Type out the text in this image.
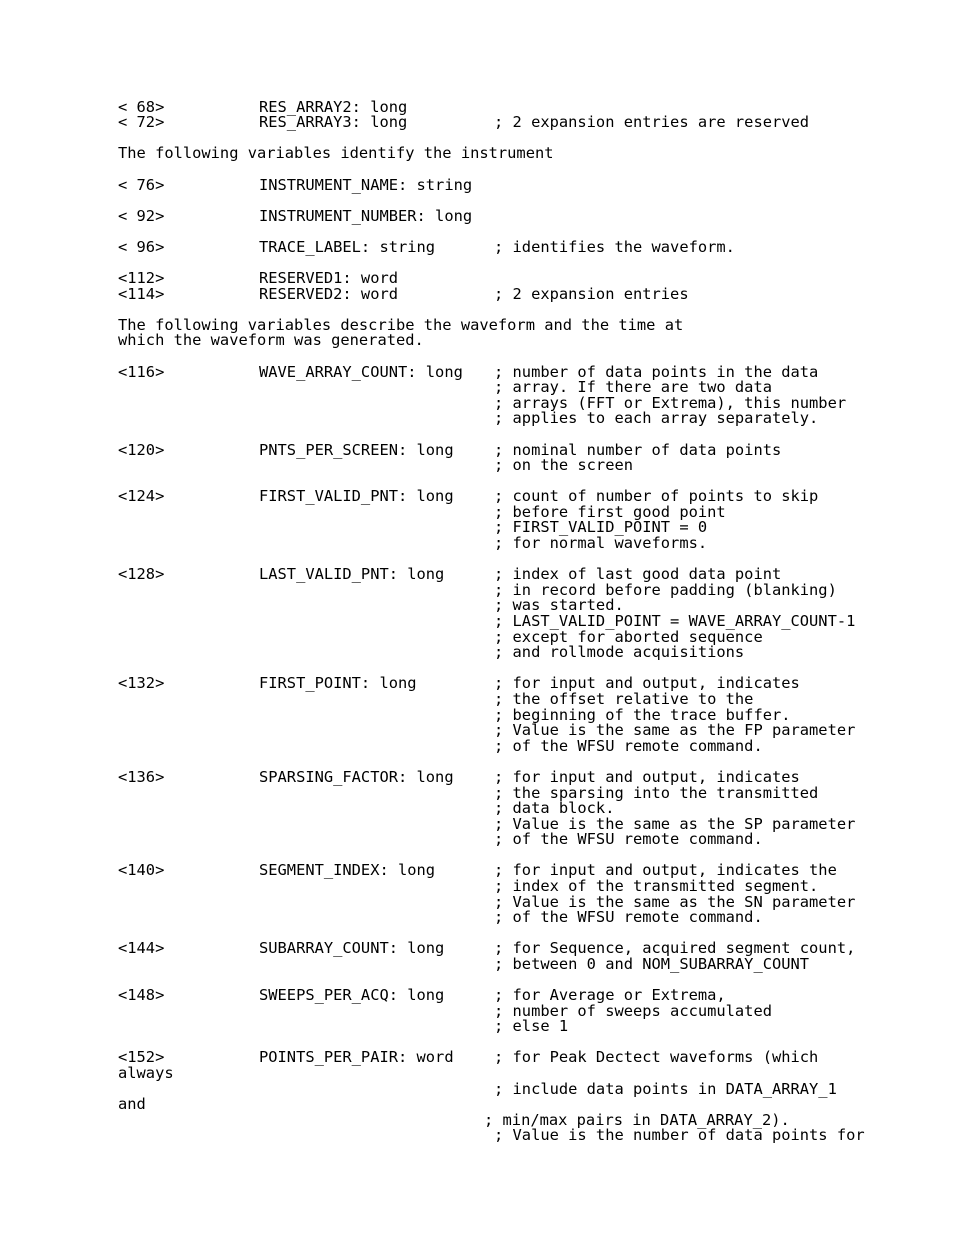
< 68>	RES_ARRAY2: long
< 72>	RES_ARRAY3: long	; 2 expansion entries are reserved
The following variables identify the instrument
< 76>	INSTRUMENT_NAME: string
< 92>	INSTRUMENT_NUMBER: long
< 96>	TRACE_LABEL: string	; identifies the waveform.
<112>	RESERVED1: word
<114>	RESERVED2: word	; 2 expansion entries
The following variables describe the waveform and the time at
which the waveform was generated.
<116>	WAVE_ARRAY_COUNT: long ; number of data points in the data
; array. If there are two data
; arrays (FFT or Extrema), this number
; applies to each array separately.
<120>	PNTS_PER_SCREEN: long	; nominal number of data points
; on the screen
<124>	FIRST_VALID_PNT: long	; count of number of points to skip
; before first good point
; FIRST_VALID_POINT = 0
; for normal waveforms.
<128>	LAST_VALID_PNT: long	; index of last good data point
; in record before padding (blanking)
; was started.
; LAST_VALID_POINT = WAVE_ARRAY_COUNT-1
; except for aborted sequence
; and rollmode acquisitions
<132>	FIRST_POINT: long	; for input and output, indicates
; the offset relative to the
; beginning of the trace buffer.
; Value is the same as the FP parameter
; of the WFSU remote command.
<136>	SPARSING_FACTOR: long	; for input and output, indicates
; the sparsing into the transmitted
; data block.
; Value is the same as the SP parameter
; of the WFSU remote command.
<140>	SEGMENT_INDEX: long	; for input and output, indicates the
; index of the transmitted segment.
; Value is the same as the SN parameter
; of the WFSU remote command.
<144>	SUBARRAY_COUNT: long	; for Sequence, acquired segment count,
; between 0 and NOM_SUBARRAY_COUNT
<148>	SWEEPS_PER_ACQ: long	; for Average or Extrema,
; number of sweeps accumulated
; else 1
<152>	POINTS_PER_PAIR: word	; for Peak Dectect waveforms (which
always
; include data points in DATA_ARRAY_1
and
; min/max pairs in DATA_ARRAY_2).
; Value is the number of data points for
